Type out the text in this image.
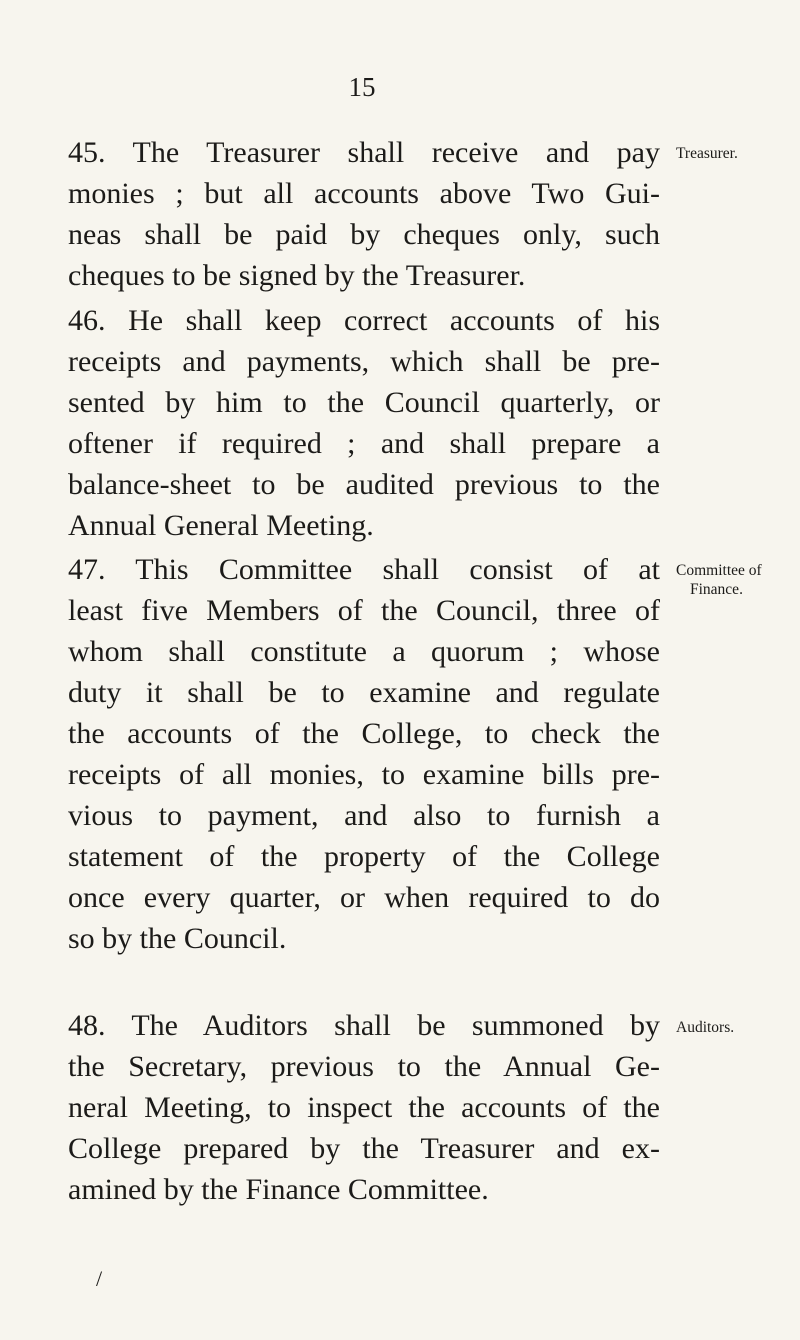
15

45. The Treasurer shall receive and pay
monies ; but all accounts above Two Gui-
neas shall be paid by cheques only, such
cheques to be signed by the Treasurer.

Treasurer.

46. He shall keep correct accounts of his
receipts and payments, which shall be pre-
sented by him to the Council quarterly, or
oftener if required ; and shall prepare a
balance-sheet to be audited previous to the
Annual General Meeting.

47. This Committee shall consist of at
least five Members of the Council, three of
whom shall constitute a quorum ; whose
duty it shall be to examine and regulate
the accounts of the College, to check the
receipts of all monies, to examine bills pre-
vious to payment, and also to furnish a
statement of the property of the College
once every quarter, or when required to do
so by the Council.

Committee of
Finance.

48. The Auditors shall be summoned by
the Secretary, previous to the Annual Ge-
neral Meeting, to inspect the accounts of the
College prepared by the Treasurer and ex-
amined by the Finance Committee.

Auditors.
/
